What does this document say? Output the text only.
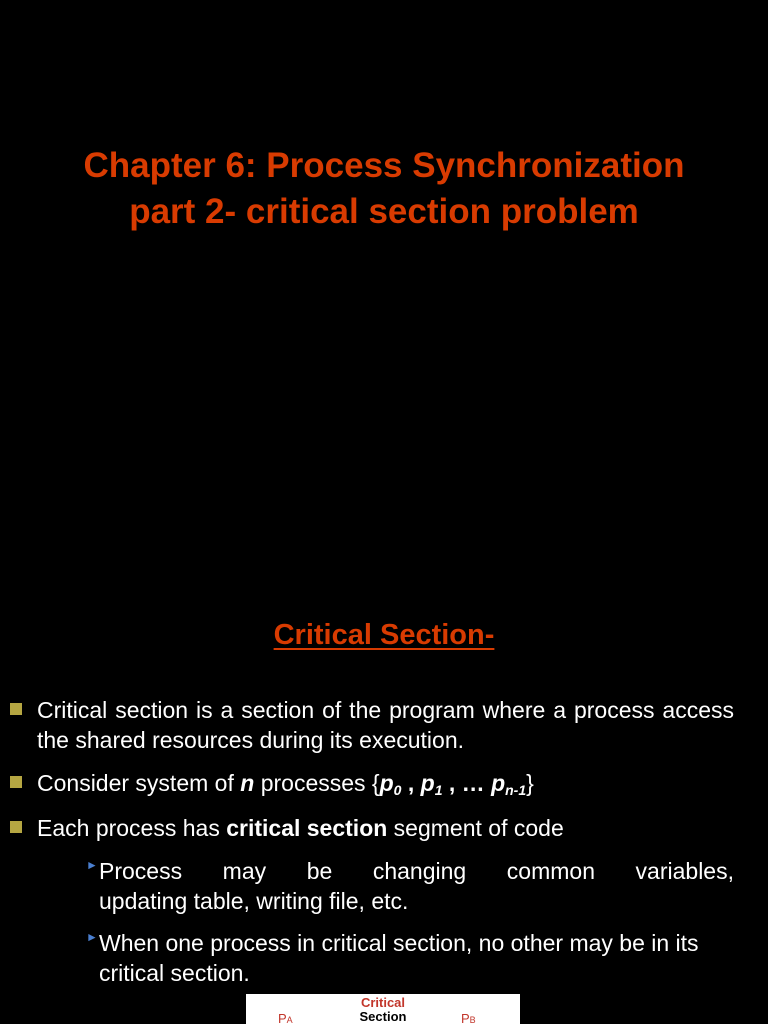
Chapter 6: Process Synchronization
part 2- critical section problem
Critical Section-
Critical section is a section of the program where a process access the shared resources during its execution.
Consider system of n processes {p0 , p1 , … pn-1}
Each process has critical section segment of code
► Process may be changing common variables,
updating table, writing file, etc.
► When one process in critical section, no other may be in its critical section.
Critical
Section
PA	PB
